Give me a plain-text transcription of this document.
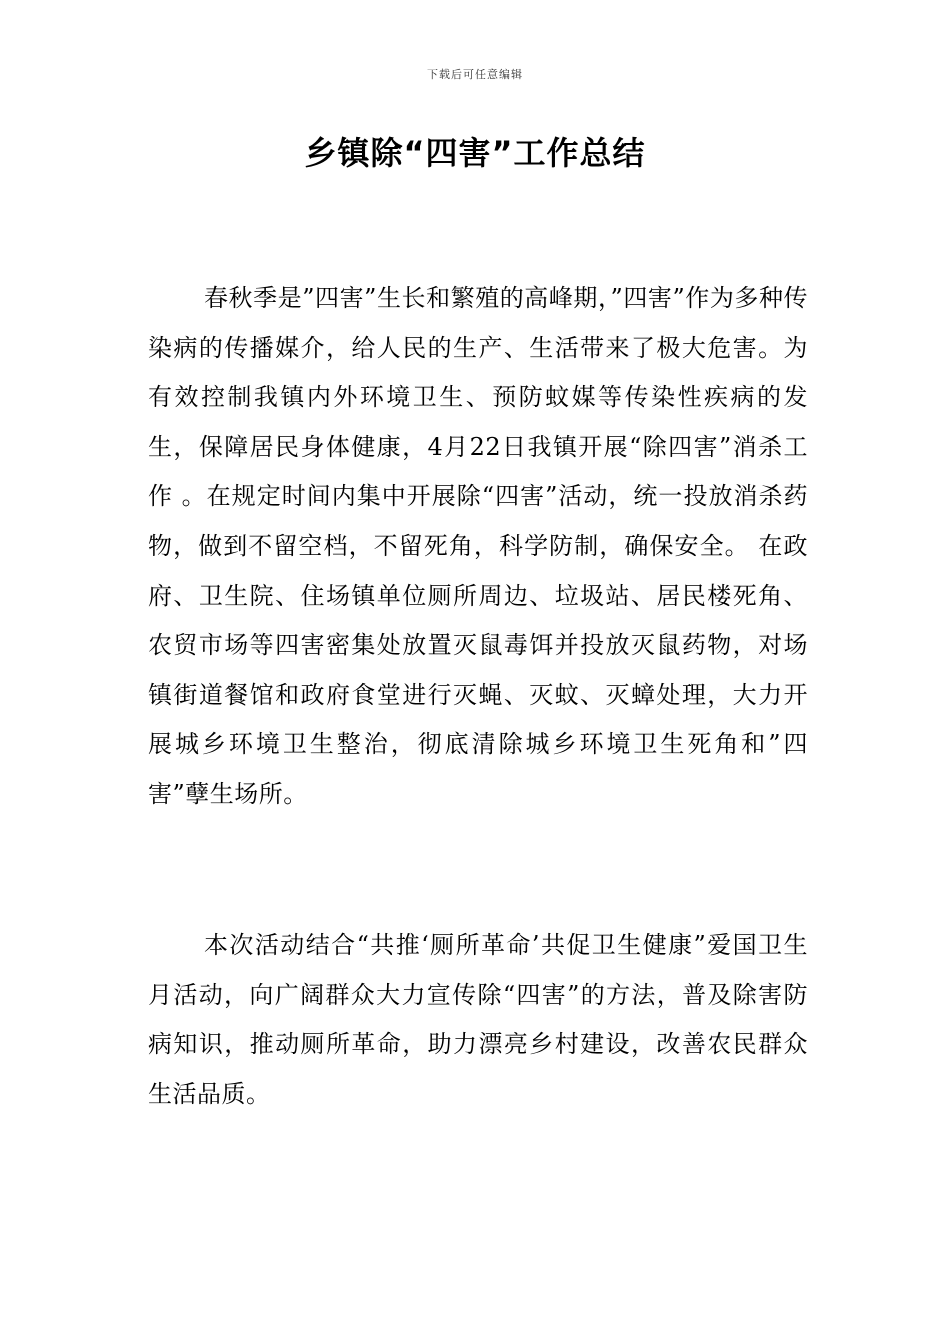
下载后可任意编辑
乡镇除“四害”工作总结

春秋季是”四害”生长和繁殖的高峰期，”四害”作为多种传染病的传播媒介，给人民的生产、生活带来了极大危害。为有效控制我镇内外环境卫生、预防蚊媒等传染性疾病的发生，保障居民身体健康，4月22日我镇开展“除四害”消杀工作 。在规定时间内集中开展除“四害”活动，统一投放消杀药物，做到不留空档，不留死角，科学防制，确保安全。 在政府、卫生院、住场镇单位厕所周边、垃圾站、居民楼死角、农贸市场等四害密集处放置灭鼠毒饵并投放灭鼠药物，对场镇街道餐馆和政府食堂进行灭蝇、灭蚊、灭蟑处理，大力开展城乡环境卫生整治，彻底清除城乡环境卫生死角和”四害”孽生场所。

本次活动结合“共推‘厕所革命’共促卫生健康”爱国卫生月活动，向广阔群众大力宣传除“四害”的方法，普及除害防病知识，推动厕所革命，助力漂亮乡村建设，改善农民群众生活品质。
